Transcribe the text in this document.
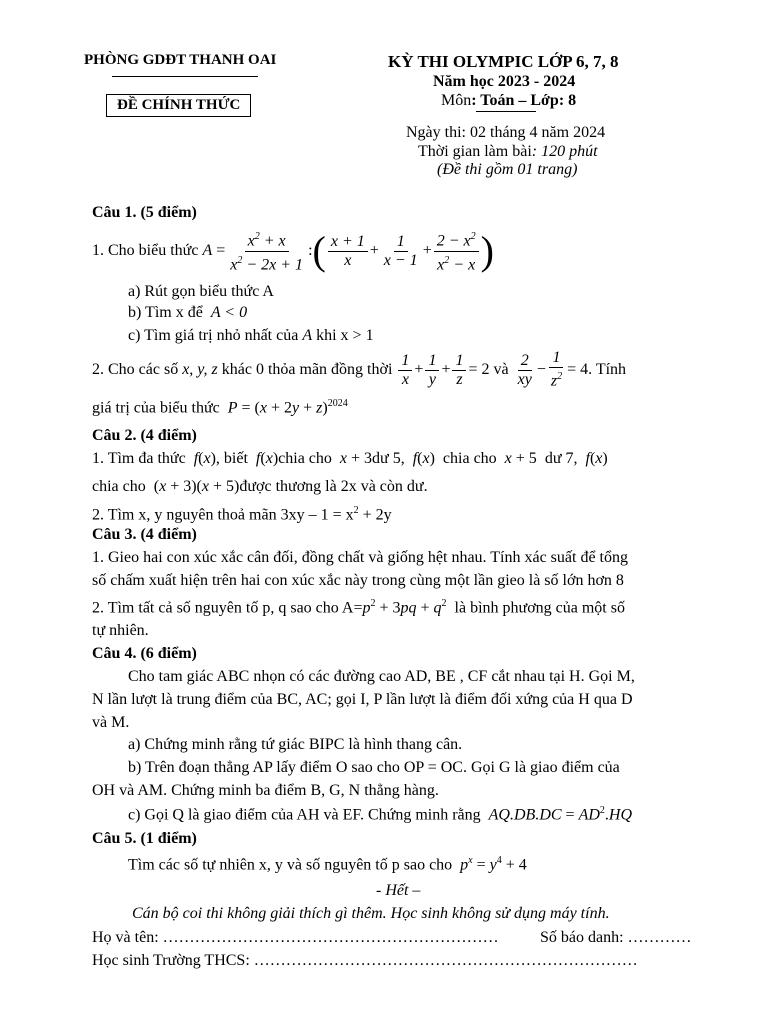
PHÒNG GDĐT THANH OAI
ĐỀ CHÍNH THỨC
KỲ THI OLYMPIC LỚP 6, 7, 8
Năm học 2023 - 2024
Môn: Toán – Lớp: 8
Ngày thi: 02 tháng 4 năm 2024
Thời gian làm bài: 120 phút
(Đề thi gồm 01 trang)
Câu 1. (5 điểm)
1. Cho biểu thức
$A = \frac{x^2 + x}{x^2 - 2x + 1}$ : ( $\frac{x + 1}{x} + \frac{1}{x - 1} + \frac{2 - x^2}{x^2 - x}$ )
a) Rút gọn biểu thức A
b) Tìm x để A < 0
c) Tìm giá trị nhỏ nhất của A khi x > 1
2. Cho các số
x, y, z
khác 0 thỏa mãn đồng thời
$\frac{1}{x} + \frac{1}{y} + \frac{1}{z} = 2$ và
$\frac{2}{xy} - \frac{1}{z^2} = 4$ . Tính
giá trị của biểu thức $P = (x + 2y + z)^{2024}$
Câu 2. (4 điểm)
1. Tìm đa thức f(x), biết f(x)chia cho x + 3dư 5, f(x)  chia cho x + 5  dư 7, f(x)
chia cho  (x + 3)(x + 5)được thương là 2x và còn dư.
2. Tìm x, y nguyên thoả mãn $3xy - 1 = x^2 + 2y$
Câu 3. (4 điểm)
1. Gieo hai con xúc xắc cân đối, đồng chất và giống hệt nhau. Tính xác suất để tổng
số chấm xuất hiện trên hai con xúc xắc này trong cùng một lần gieo là số lớn hơn 8
2. Tìm tất cả số nguyên tố p, q sao cho $A=p^2 + 3pq + q^2$ là bình phương của một số
tự nhiên.
Câu 4. (6 điểm)
Cho tam giác ABC nhọn có các đường cao AD, BE , CF cắt nhau tại H. Gọi M,
N lần lượt là trung điểm của BC, AC; gọi I, P lần lượt là điểm đối xứng của H qua D
và M.
a) Chứng minh rằng tứ giác BIPC là hình thang cân.
b) Trên đoạn thẳng AP lấy điểm O sao cho OP = OC. Gọi G là giao điểm của
OH và AM. Chứng minh ba điểm B, G, N thẳng hàng.
c) Gọi Q là giao điểm của AH và EF. Chứng minh rằng $AQ.DB.DC = AD^2.HQ$
Câu 5. (1 điểm)
Tìm các số tự nhiên x, y và số nguyên tố p sao cho $p^x = y^4 + 4$
- Hết –
Cán bộ coi thi không giải thích gì thêm. Học sinh không sử dụng máy tính.
Họ và tên: ………………………………………………………	Số báo danh: …………
Học sinh Trường THCS: ………………………………………………………………
